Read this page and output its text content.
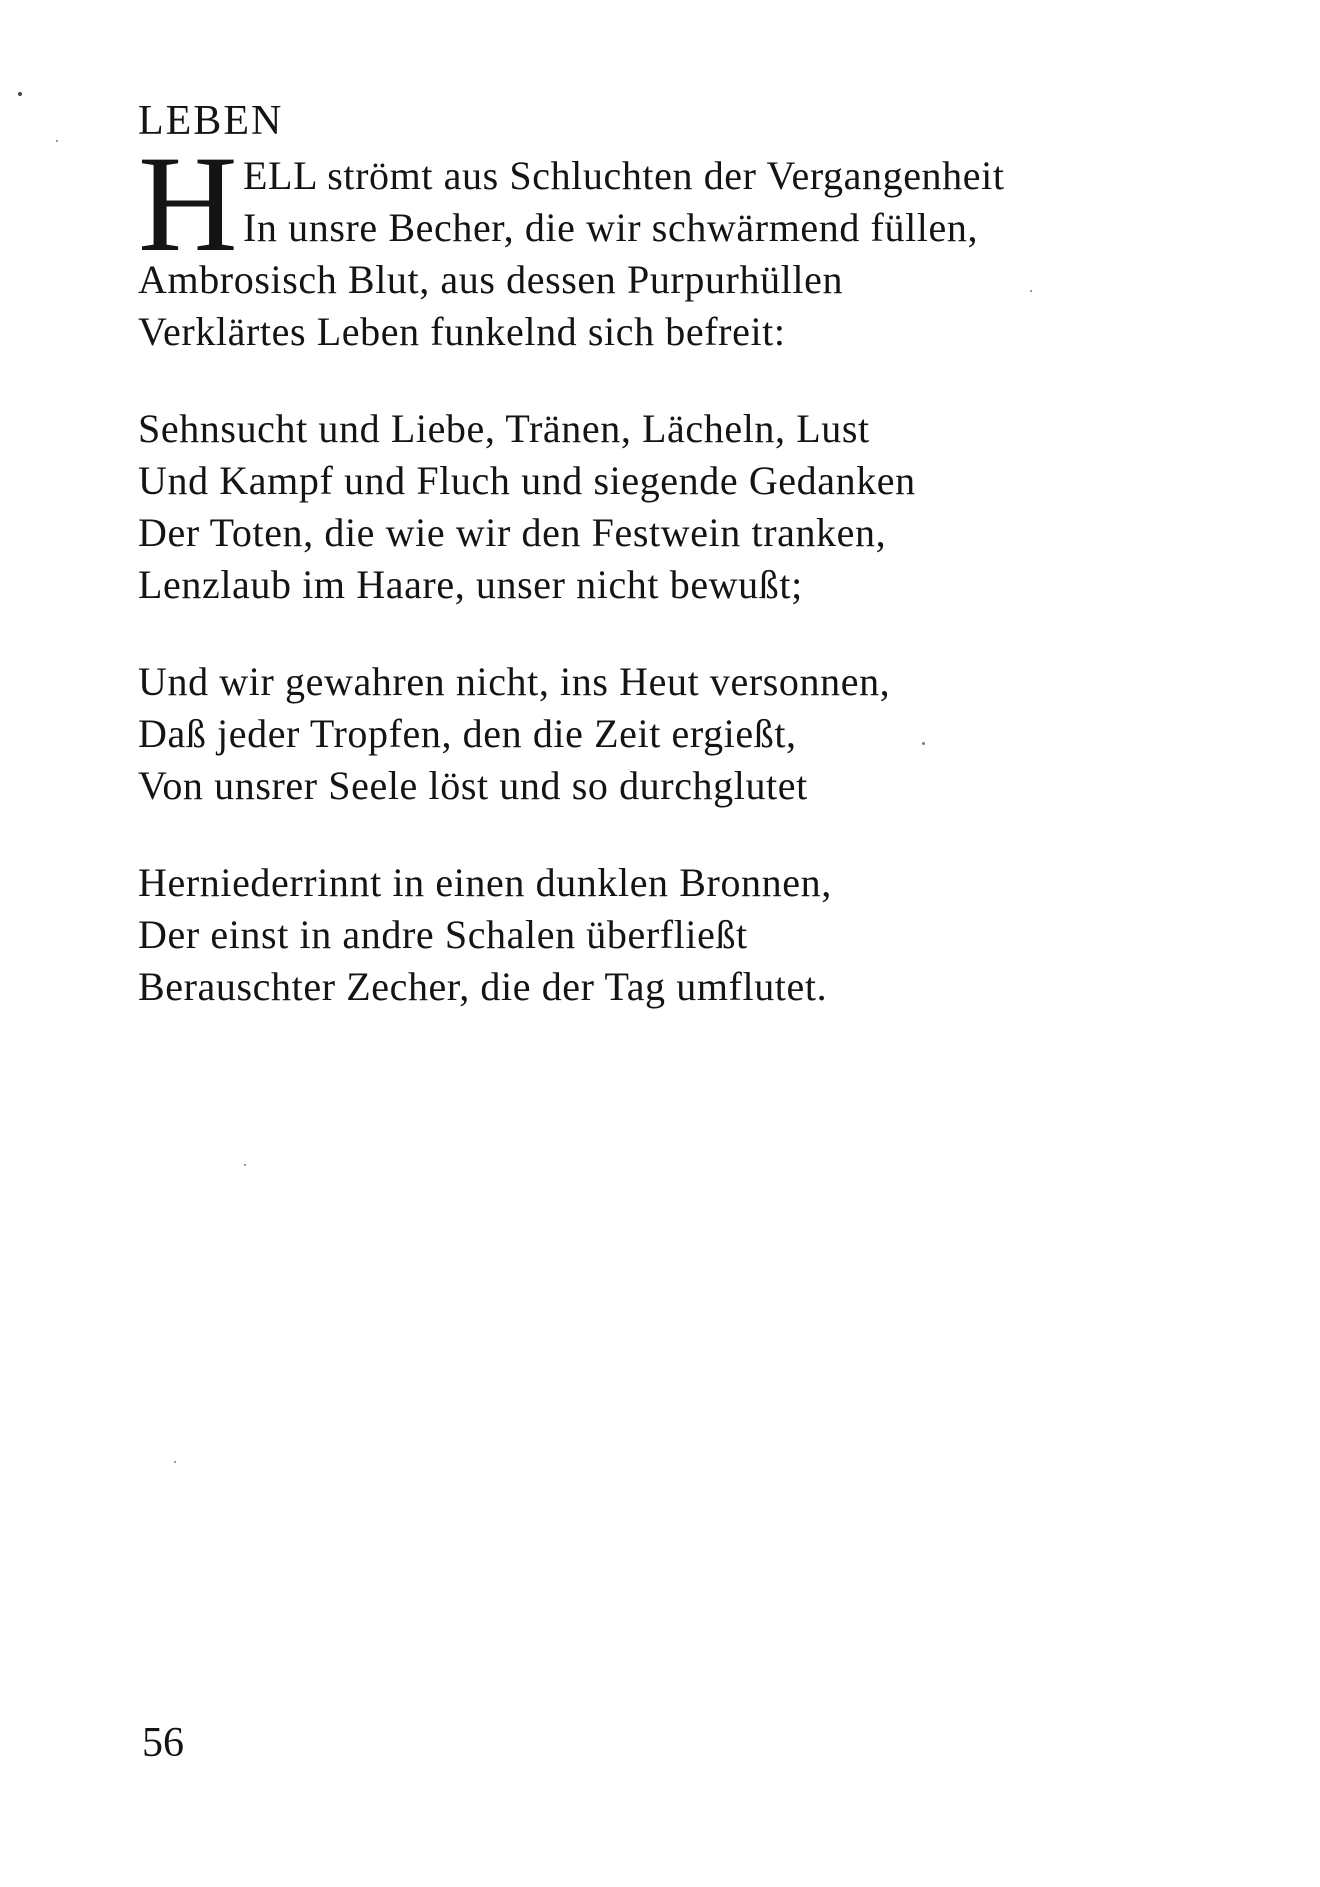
LEBEN
H ELL strömt aus Schluchten der Vergangenheit
In unsre Becher, die wir schwärmend füllen,
Ambrosisch Blut, aus dessen Purpurhüllen
Verklärtes Leben funkelnd sich befreit:
Sehnsucht und Liebe, Tränen, Lächeln, Lust
Und Kampf und Fluch und siegende Gedanken
Der Toten, die wie wir den Festwein tranken,
Lenzlaub im Haare, unser nicht bewußt;
Und wir gewahren nicht, ins Heut versonnen,
Daß jeder Tropfen, den die Zeit ergießt,
Von unsrer Seele löst und so durchglutet
Herniederrinnt in einen dunklen Bronnen,
Der einst in andre Schalen überfließt
Berauschter Zecher, die der Tag umflutet.
56
